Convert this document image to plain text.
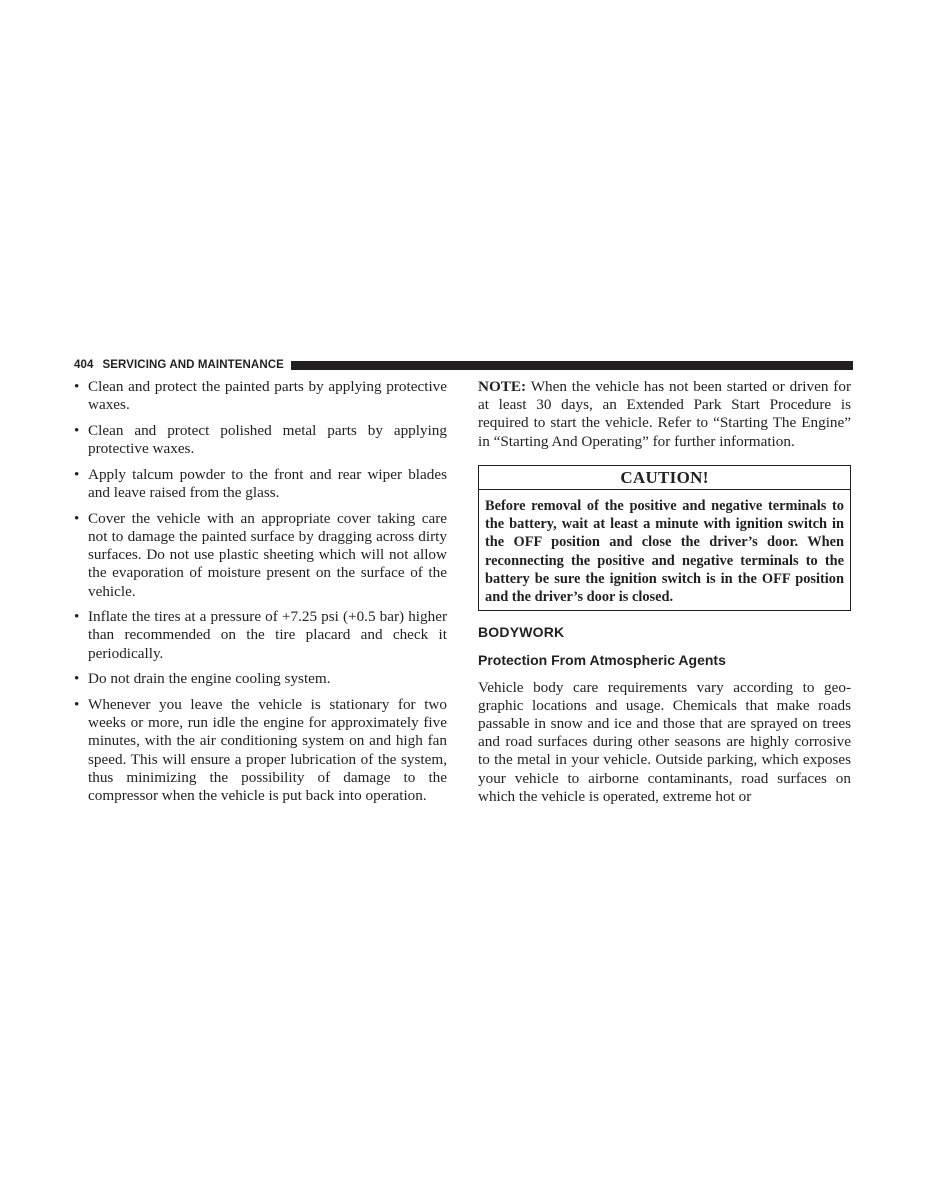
404 SERVICING AND MAINTENANCE
• Clean and protect the painted parts by applying protective waxes.
• Clean and protect polished metal parts by applying protective waxes.
• Apply talcum powder to the front and rear wiper blades and leave raised from the glass.
• Cover the vehicle with an appropriate cover taking care not to damage the painted surface by dragging across dirty surfaces. Do not use plastic sheeting which will not allow the evaporation of moisture present on the surface of the vehicle.
• Inflate the tires at a pressure of +7.25 psi (+0.5 bar) higher than recommended on the tire placard and check it periodically.
• Do not drain the engine cooling system.
• Whenever you leave the vehicle is stationary for two weeks or more, run idle the engine for approximately five minutes, with the air conditioning system on and high fan speed. This will ensure a proper lubrication of the system, thus minimizing the possibility of damage to the compressor when the vehicle is put back into operation.

NOTE: When the vehicle has not been started or driven for at least 30 days, an Extended Park Start Procedure is required to start the vehicle. Refer to “Starting The Engine” in “Starting And Operating” for further information.

CAUTION!
Before removal of the positive and negative terminals to the battery, wait at least a minute with ignition switch in the OFF position and close the driver’s door. When reconnecting the positive and negative terminals to the battery be sure the ignition switch is in the OFF position and the driver’s door is closed.
BODYWORK
Protection From Atmospheric Agents

Vehicle body care requirements vary according to geographic locations and usage. Chemicals that make roads passable in snow and ice and those that are sprayed on trees and road surfaces during other seasons are highly corrosive to the metal in your vehicle. Outside parking, which exposes your vehicle to airborne contaminants, road surfaces on which the vehicle is operated, extreme hot or
